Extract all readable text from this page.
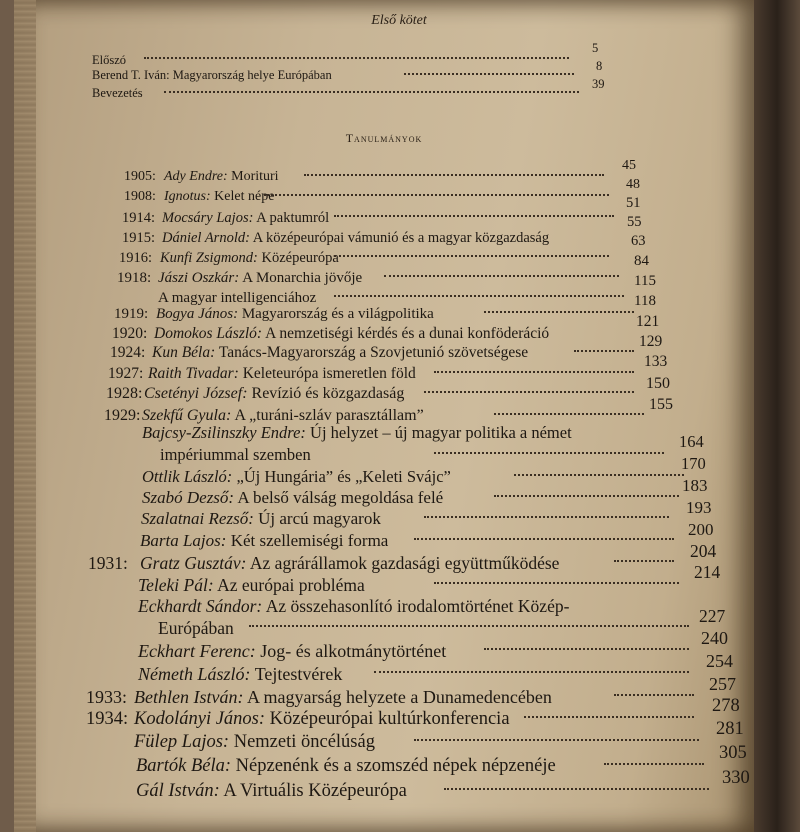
Első kötet
Előszó
5
Berend T. Iván: Magyarország helye Európában
8
Bevezetés
39
Tanulmányok
1905: Ady Endre: Morituri
45
1908: Ignotus: Kelet népe
48
1914: Mocsáry Lajos: A paktumról
51
1915: Dániel Arnold: A középeurópai vámunió és a magyar közgazdaság
55
1916: Kunfi Zsigmond: Középeurópa
63
1918: Jászi Oszkár: A Monarchia jövője
84
A magyar intelligenciához
115
1919: Bogya János: Magyarország és a világpolitika
118
1920: Domokos László: A nemzetiségi kérdés és a dunai konföderáció
121
1924: Kun Béla: Tanács-Magyarország a Szovjetunió szövetségese
129
1927: Raith Tivadar: Keleteurópa ismeretlen föld
133
1928:Csetényi József: Revízió és közgazdaság
150
1929:Szekfű Gyula: A „turáni-szláv parasztállam”
155
Bajcsy-Zsilinszky Endre: Új helyzet – új magyar politika a német
impériummal szemben
164
Ottlik László: „Új Hungária” és „Keleti Svájc”
170
Szabó Dezső: A belső válság megoldása felé
183
Szalatnai Rezső: Új arcú magyarok
193
Barta Lajos: Két szellemiségi forma
200
1931: Gratz Gusztáv: Az agrárállamok gazdasági együttműködése
204
Teleki Pál: Az európai probléma
214
Eckhardt Sándor: Az összehasonlító irodalomtörténet Közép-
Európában
227
Eckhart Ferenc: Jog- és alkotmánytörténet
240
Németh László: Tejtestvérek
254
1933: Bethlen István: A magyarság helyzete a Dunamedencében
257
1934: Kodolányi János: Középeurópai kultúrkonferencia
278
Fülep Lajos: Nemzeti öncélúság
281
Bartók Béla: Népzenénk és a szomszéd népek népzenéje
305
Gál István: A Virtuális Középeurópa
330
